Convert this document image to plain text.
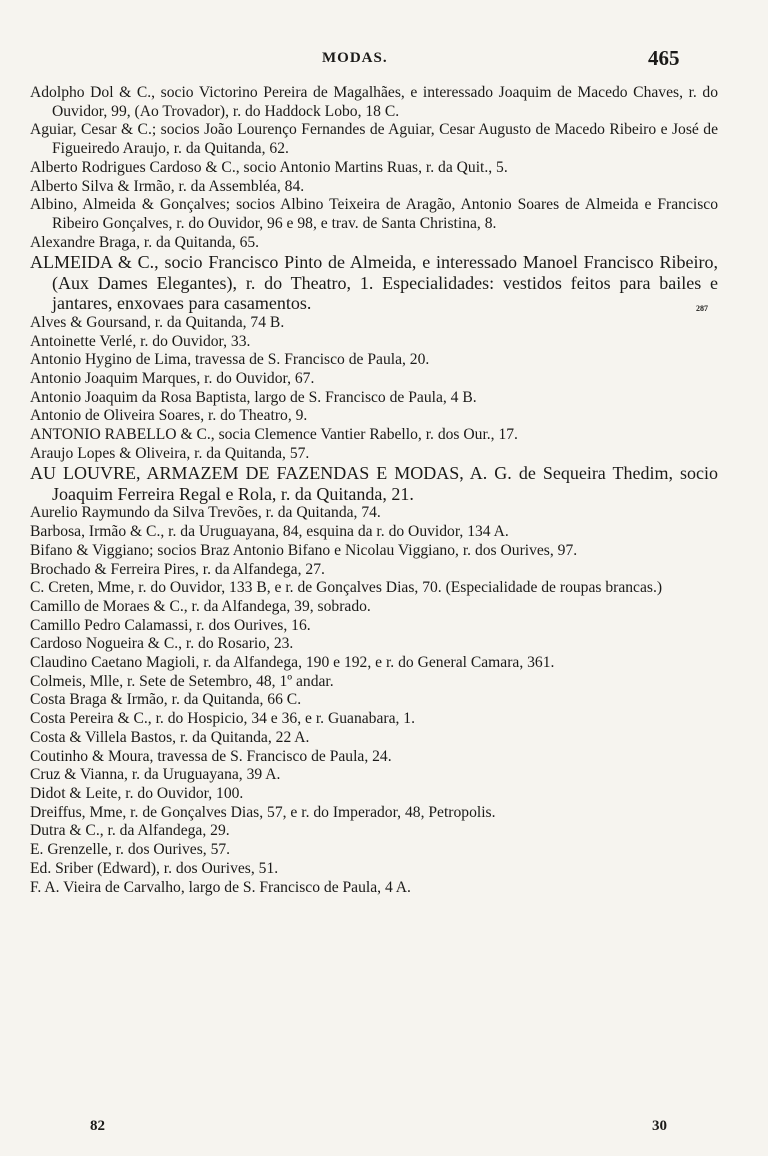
MODAS.	465

Adolpho Dol & C., socio Victorino Pereira de Magalhães, e interessado Joaquim de Macedo Chaves, r. do Ouvidor, 99, (Ao Trovador), r. do Haddock Lobo, 18 C.

Aguiar, Cesar & C.; socios João Lourenço Fernandes de Aguiar, Cesar Augusto de Macedo Ribeiro e José de Figueiredo Araujo, r. da Quitanda, 62.

Alberto Rodrigues Cardoso & C., socio Antonio Martins Ruas, r. da Quit., 5.

Alberto Silva & Irmão, r. da Assembléa, 84.

Albino, Almeida & Gonçalves; socios Albino Teixeira de Aragão, Antonio Soares de Almeida e Francisco Ribeiro Gonçalves, r. do Ouvidor, 96 e 98, e trav. de Santa Christina, 8.

Alexandre Braga, r. da Quitanda, 65.

ALMEIDA & C., socio Francisco Pinto de Almeida, e interessado Manoel Francisco Ribeiro, (Aux Dames Elegantes), r. do Theatro, 1. Especialidades: vestidos feitos para bailes e jantares, enxovaes para casamentos.	287

Alves & Goursand, r. da Quitanda, 74 B.

Antoinette Verlé, r. do Ouvidor, 33.

Antonio Hygino de Lima, travessa de S. Francisco de Paula, 20.

Antonio Joaquim Marques, r. do Ouvidor, 67.

Antonio Joaquim da Rosa Baptista, largo de S. Francisco de Paula, 4 B.

Antonio de Oliveira Soares, r. do Theatro, 9.

ANTONIO RABELLO & C., socia Clemence Vantier Rabello, r. dos Our., 17.

Araujo Lopes & Oliveira, r. da Quitanda, 57.

AU LOUVRE, ARMAZEM DE FAZENDAS E MODAS, A. G. de Sequeira Thedim, socio Joaquim Ferreira Regal e Rola, r. da Quitanda, 21.

Aurelio Raymundo da Silva Trevões, r. da Quitanda, 74.

Barbosa, Irmão & C., r. da Uruguayana, 84, esquina da r. do Ouvidor, 134 A.

Bifano & Viggiano; socios Braz Antonio Bifano e Nicolau Viggiano, r. dos Ourives, 97.

Brochado & Ferreira Pires, r. da Alfandega, 27.

C. Creten, Mme, r. do Ouvidor, 133 B, e r. de Gonçalves Dias, 70. (Especialidade de roupas brancas.)

Camillo de Moraes & C., r. da Alfandega, 39, sobrado.

Camillo Pedro Calamassi, r. dos Ourives, 16.

Cardoso Nogueira & C., r. do Rosario, 23.

Claudino Caetano Magioli, r. da Alfandega, 190 e 192, e r. do General Camara, 361.

Colmeis, Mlle, r. Sete de Setembro, 48, 1º andar.

Costa Braga & Irmão, r. da Quitanda, 66 C.

Costa Pereira & C., r. do Hospicio, 34 e 36, e r. Guanabara, 1.

Costa & Villela Bastos, r. da Quitanda, 22 A.

Coutinho & Moura, travessa de S. Francisco de Paula, 24.

Cruz & Vianna, r. da Uruguayana, 39 A.

Didot & Leite, r. do Ouvidor, 100.

Dreiffus, Mme, r. de Gonçalves Dias, 57, e r. do Imperador, 48, Petropolis.

Dutra & C., r. da Alfandega, 29.

E. Grenzelle, r. dos Ourives, 57.

Ed. Sriber (Edward), r. dos Ourives, 51.

F. A. Vieira de Carvalho, largo de S. Francisco de Paula, 4 A.

82	30
